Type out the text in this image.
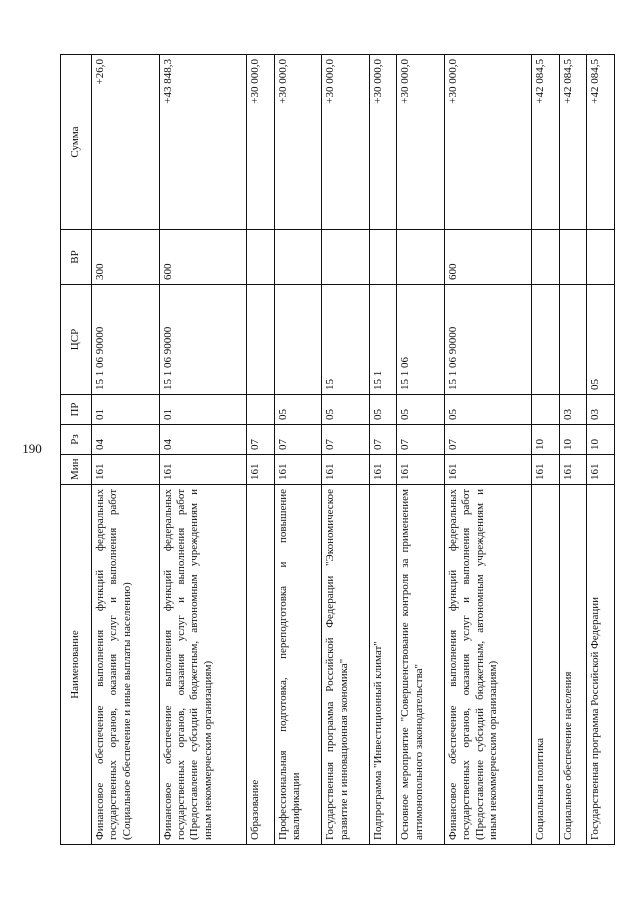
190
Наименование	Мин	Рз	ПР	ЦСР	ВР	Сумма
Финансовое обеспечение выполнения функций федеральных государственных органов, оказания услуг и выполнения работ (Социальное обеспечение и иные выплаты населению)	161	04	01	15 1 06 90000	300	+26,0
Финансовое обеспечение выполнения функций федеральных государственных органов, оказания услуг и выполнения работ (Предоставление субсидий бюджетным, автономным учреждениям и иным некоммерческим организациям)	161	04	01	15 1 06 90000	600	+43 848,3
Образование	161	07				+30 000,0
Профессиональная подготовка, переподготовка и повышение квалификации	161	07	05			+30 000,0
Государственная программа Российской Федерации "Экономическое развитие и инновационная экономика"	161	07	05	15		+30 000,0
Подпрограмма "Инвестиционный климат"	161	07	05	15 1		+30 000,0
Основное мероприятие "Совершенствование контроля за применением антимонопольного законодательства"	161	07	05	15 1 06		+30 000,0
Финансовое обеспечение выполнения функций федеральных государственных органов, оказания услуг и выполнения работ (Предоставление субсидий бюджетным, автономным учреждениям и иным некоммерческим организациям)	161	07	05	15 1 06 90000	600	+30 000,0
Социальная политика	161	10				+42 084,5
Социальное обеспечение населения	161	10	03			+42 084,5
Государственная программа Российской Федерации	161	10	03	05		+42 084,5
